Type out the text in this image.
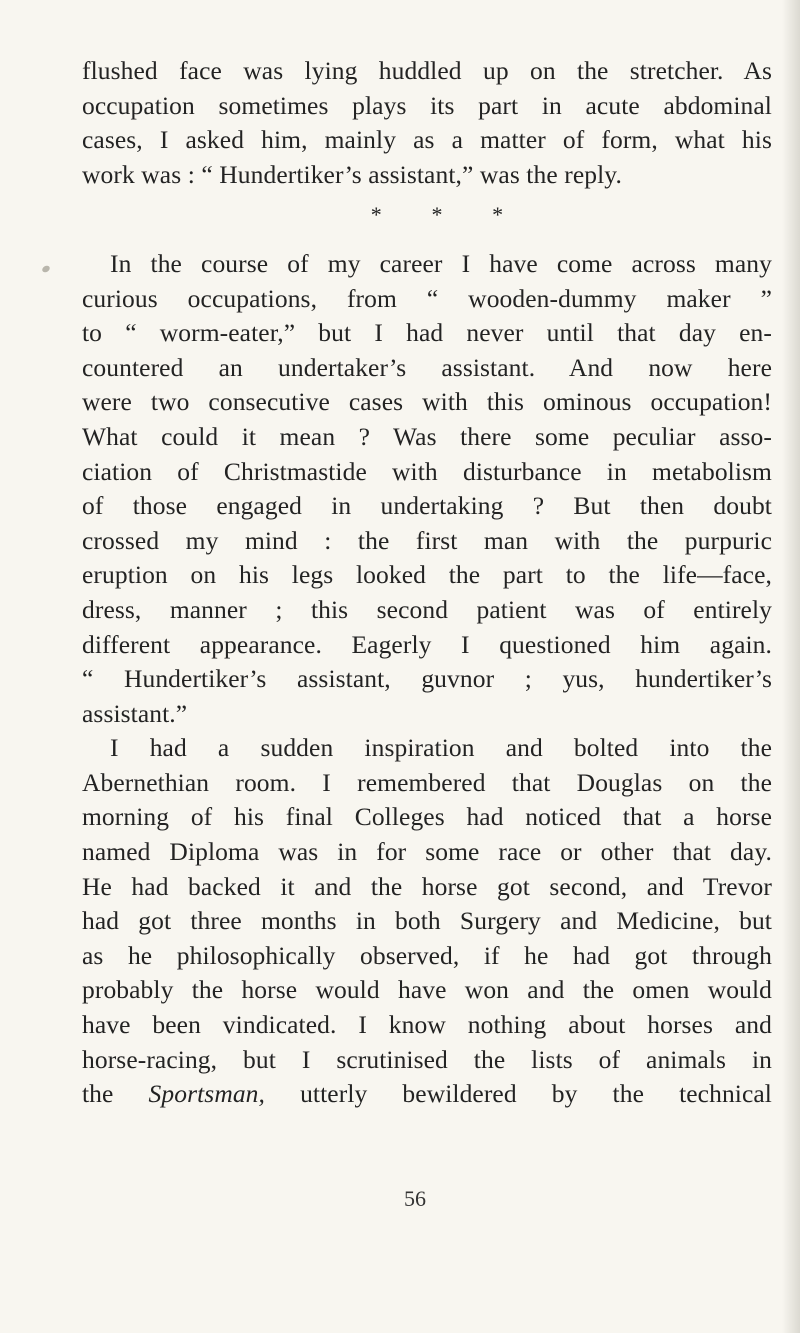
flushed face was lying huddled up on the stretcher. As
occupation sometimes plays its part in acute abdominal
cases, I asked him, mainly as a matter of form, what his
work was : “ Hundertiker’s assistant,” was the reply.
* * *
In the course of my career I have come across many
curious occupations, from “ wooden-dummy maker ”
to “ worm-eater,” but I had never until that day en-
countered an undertaker’s assistant. And now here
were two consecutive cases with this ominous occupation!
What could it mean ? Was there some peculiar asso-
ciation of Christmastide with disturbance in metabolism
of those engaged in undertaking ? But then doubt
crossed my mind : the first man with the purpuric
eruption on his legs looked the part to the life—face,
dress, manner ; this second patient was of entirely
different appearance. Eagerly I questioned him again.
“ Hundertiker’s assistant, guvnor ; yus, hundertiker’s
assistant.”
I had a sudden inspiration and bolted into the
Abernethian room. I remembered that Douglas on the
morning of his final Colleges had noticed that a horse
named Diploma was in for some race or other that day.
He had backed it and the horse got second, and Trevor
had got three months in both Surgery and Medicine, but
as he philosophically observed, if he had got through
probably the horse would have won and the omen would
have been vindicated. I know nothing about horses and
horse-racing, but I scrutinised the lists of animals in
the Sportsman, utterly bewildered by the technical
56
